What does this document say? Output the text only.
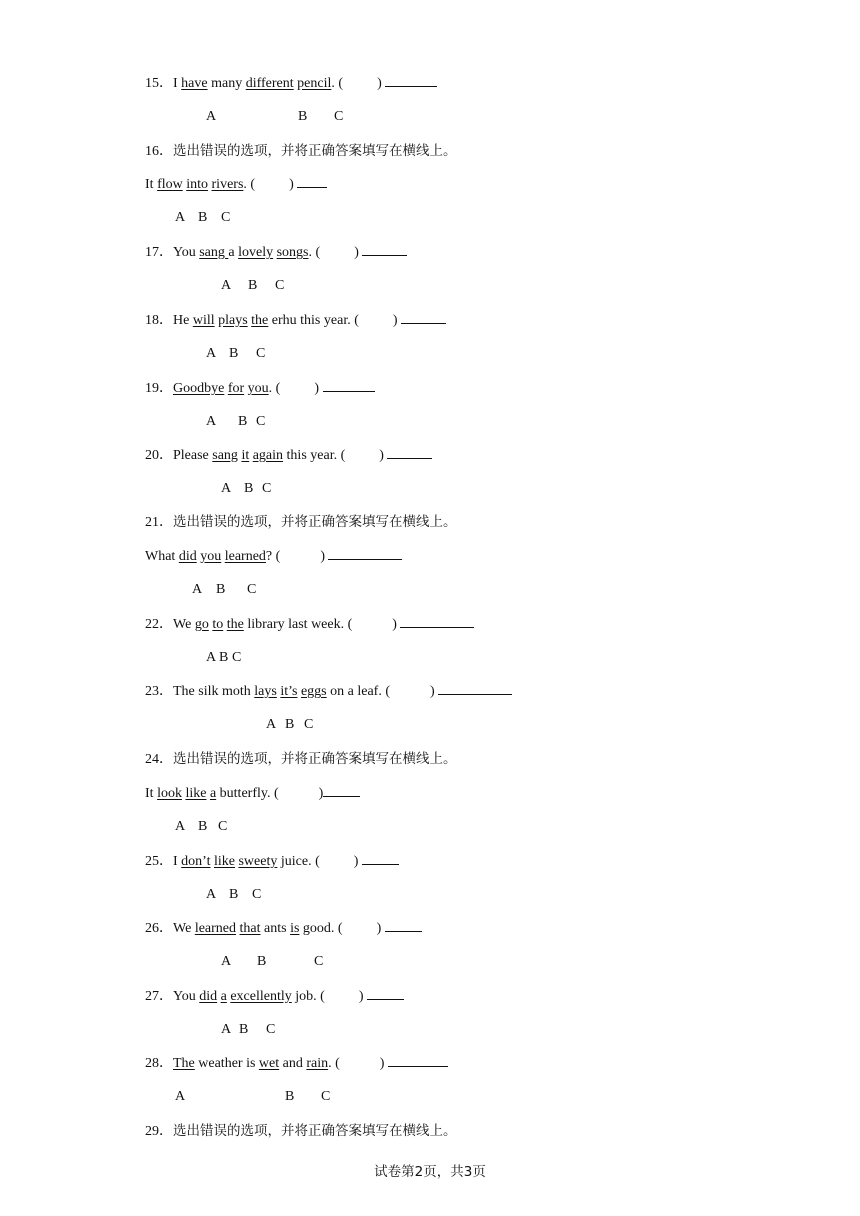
15．I have many different pencil. ( )
A	B C
16．选出错误的选项，并将正确答案填写在横线上。
It flow into rivers. ( )
A B C
17．You sang a lovely songs. ( )
A B C
18．He will plays the erhu this year. ( )
A B C
19．Goodbye for you. ( )
A B C
20．Please sang it again this year. ( )
A B C
21．选出错误的选项，并将正确答案填写在横线上。
What did you learned? (	)
A B C
22．We go to the library last week. (	)
A B C
23．The silk moth lays it’s eggs on a leaf. (	)
A B C
24．选出错误的选项，并将正确答案填写在横线上。
It look like a butterfly. (	)
A B C
25．I don’t like sweety juice. ( )
A B C
26．We learned that ants is good. ( )
A B	C
27．You did a excellently job. ( )
A B C
28．The weather is wet and rain. (	)
A	B C
29．选出错误的选项，并将正确答案填写在横线上。
试卷第2页，共3页
